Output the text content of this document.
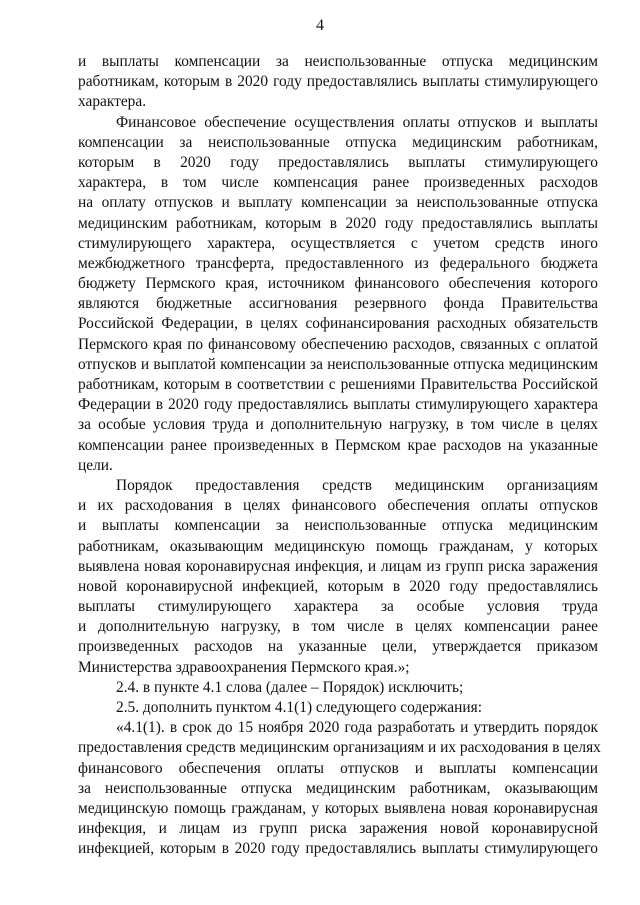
4
и выплаты компенсации за неиспользованные отпуска медицинским
работникам, которым в 2020 году предоставлялись выплаты стимулирующего
характера.
Финансовое обеспечение осуществления оплаты отпусков и выплаты
компенсации за неиспользованные отпуска медицинским работникам,
которым в 2020 году предоставлялись выплаты стимулирующего
характера, в том числе компенсация ранее произведенных расходов
на оплату отпусков и выплату компенсации за неиспользованные отпуска
медицинским работникам, которым в 2020 году предоставлялись выплаты
стимулирующего характера, осуществляется с учетом средств иного
межбюджетного трансферта, предоставленного из федерального бюджета
бюджету Пермского края, источником финансового обеспечения которого
являются бюджетные ассигнования резервного фонда Правительства
Российской Федерации, в целях софинансирования расходных обязательств
Пермского края по финансовому обеспечению расходов, связанных с оплатой
отпусков и выплатой компенсации за неиспользованные отпуска медицинским
работникам, которым в соответствии с решениями Правительства Российской
Федерации в 2020 году предоставлялись выплаты стимулирующего характера
за особые условия труда и дополнительную нагрузку, в том числе в целях
компенсации ранее произведенных в Пермском крае расходов на указанные
цели.
Порядок предоставления средств медицинским организациям
и их расходования в целях финансового обеспечения оплаты отпусков
и выплаты компенсации за неиспользованные отпуска медицинским
работникам, оказывающим медицинскую помощь гражданам, у которых
выявлена новая коронавирусная инфекция, и лицам из групп риска заражения
новой коронавирусной инфекцией, которым в 2020 году предоставлялись
выплаты стимулирующего характера за особые условия труда
и дополнительную нагрузку, в том числе в целях компенсации ранее
произведенных расходов на указанные цели, утверждается приказом
Министерства здравоохранения Пермского края.»;
2.4. в пункте 4.1 слова (далее – Порядок) исключить;
2.5. дополнить пунктом 4.1(1) следующего содержания:
«4.1(1). в срок до 15 ноября 2020 года разработать и утвердить порядок
предоставления средств медицинским организациям и их расходования в целях
финансового обеспечения оплаты отпусков и выплаты компенсации
за неиспользованные отпуска медицинским работникам, оказывающим
медицинскую помощь гражданам, у которых выявлена новая коронавирусная
инфекция, и лицам из групп риска заражения новой коронавирусной
инфекцией, которым в 2020 году предоставлялись выплаты стимулирующего
